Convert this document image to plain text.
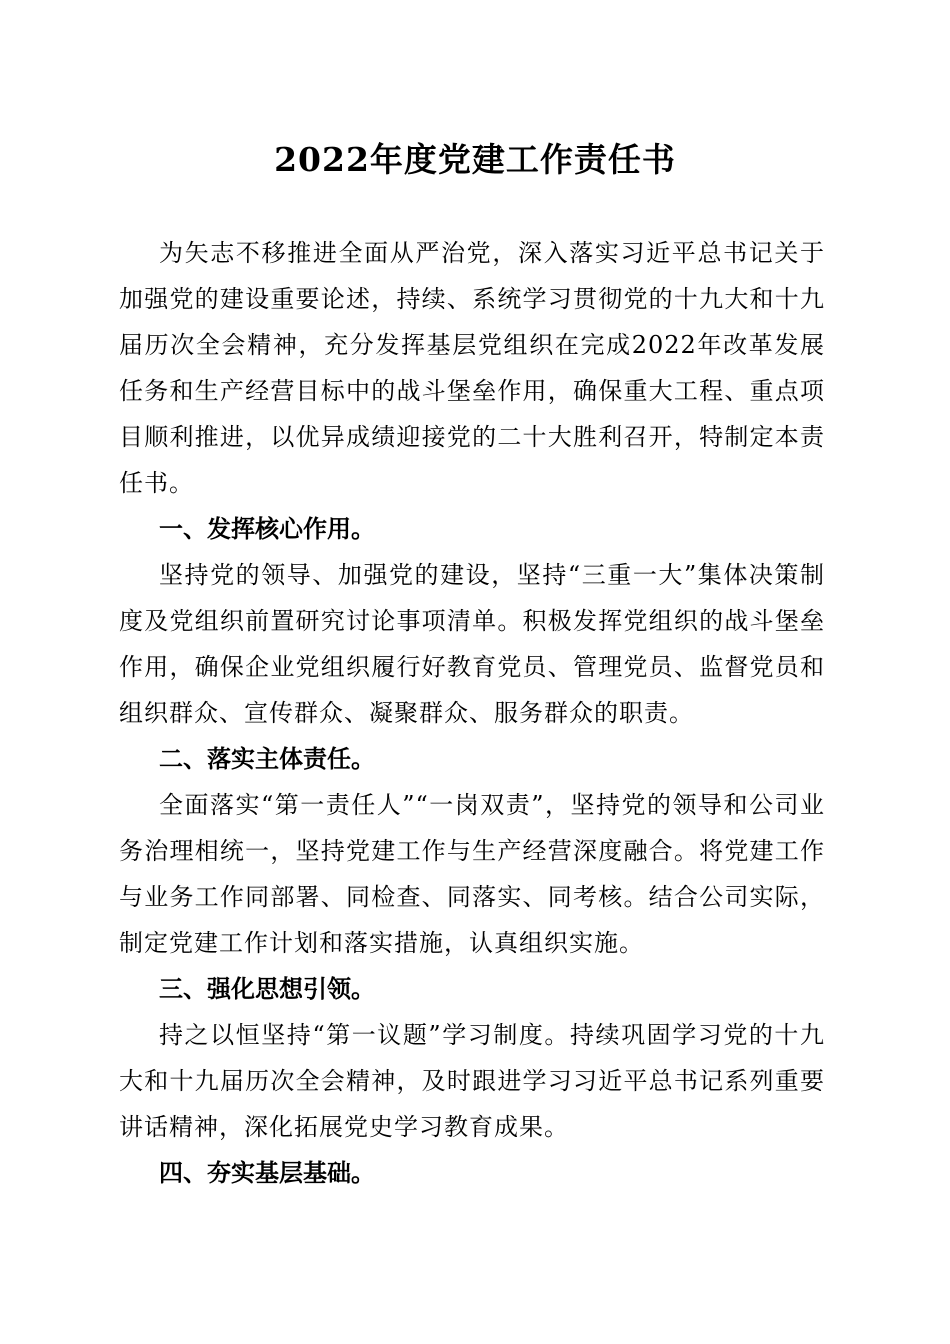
2022年度党建工作责任书

为矢志不移推进全面从严治党，深入落实习近平总书记关于加强党的建设重要论述，持续、系统学习贯彻党的十九大和十九届历次全会精神，充分发挥基层党组织在完成2022年改革发展任务和生产经营目标中的战斗堡垒作用，确保重大工程、重点项目顺利推进，以优异成绩迎接党的二十大胜利召开，特制定本责任书。

一、发挥核心作用。

坚持党的领导、加强党的建设，坚持“三重一大”集体决策制度及党组织前置研究讨论事项清单。积极发挥党组织的战斗堡垒作用，确保企业党组织履行好教育党员、管理党员、监督党员和组织群众、宣传群众、凝聚群众、服务群众的职责。

二、落实主体责任。

全面落实“第一责任人”“一岗双责”，坚持党的领导和公司业务治理相统一，坚持党建工作与生产经营深度融合。将党建工作与业务工作同部署、同检查、同落实、同考核。结合公司实际，制定党建工作计划和落实措施，认真组织实施。

三、强化思想引领。

持之以恒坚持“第一议题”学习制度。持续巩固学习党的十九大和十九届历次全会精神，及时跟进学习习近平总书记系列重要讲话精神，深化拓展党史学习教育成果。

四、夯实基层基础。
